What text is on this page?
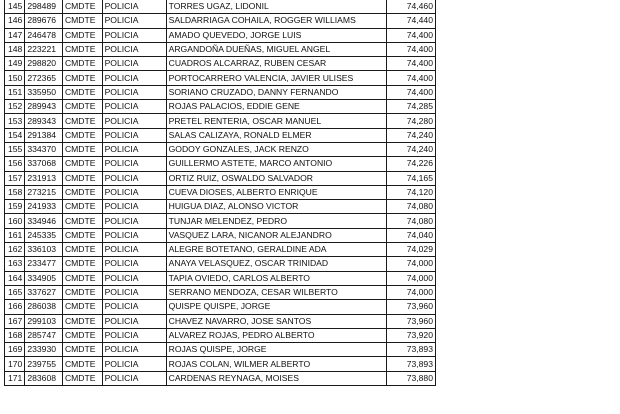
145	298489	CMDTE	POLICIA	TORRES UGAZ, LIDONIL	74,460
146	289676	CMDTE	POLICIA	SALDARRIAGA COHAILA, ROGGER WILLIAMS	74,440
147	246478	CMDTE	POLICIA	AMADO QUEVEDO, JORGE LUIS	74,400
148	223221	CMDTE	POLICIA	ARGANDOÑA DUEÑAS, MIGUEL ANGEL	74,400
149	298820	CMDTE	POLICIA	CUADROS ALCARRAZ, RUBEN CESAR	74,400
150	272365	CMDTE	POLICIA	PORTOCARRERO VALENCIA, JAVIER ULISES	74,400
151	335950	CMDTE	POLICIA	SORIANO CRUZADO, DANNY FERNANDO	74,400
152	289943	CMDTE	POLICIA	ROJAS PALACIOS, EDDIE GENE	74,285
153	289343	CMDTE	POLICIA	PRETEL RENTERIA, OSCAR MANUEL	74,280
154	291384	CMDTE	POLICIA	SALAS CALIZAYA, RONALD ELMER	74,240
155	334370	CMDTE	POLICIA	GODOY GONZALES, JACK RENZO	74,240
156	337068	CMDTE	POLICIA	GUILLERMO ASTETE, MARCO ANTONIO	74,226
157	231913	CMDTE	POLICIA	ORTIZ RUIZ, OSWALDO SALVADOR	74,165
158	273215	CMDTE	POLICIA	CUEVA DIOSES, ALBERTO ENRIQUE	74,120
159	241933	CMDTE	POLICIA	HUIGUA DIAZ, ALONSO VICTOR	74,080
160	334946	CMDTE	POLICIA	TUNJAR MELENDEZ, PEDRO	74,080
161	245335	CMDTE	POLICIA	VASQUEZ LARA, NICANOR ALEJANDRO	74,040
162	336103	CMDTE	POLICIA	ALEGRE BOTETANO, GERALDINE ADA	74,029
163	233477	CMDTE	POLICIA	ANAYA VELASQUEZ, OSCAR TRINIDAD	74,000
164	334905	CMDTE	POLICIA	TAPIA OVIEDO, CARLOS ALBERTO	74,000
165	337627	CMDTE	POLICIA	SERRANO MENDOZA, CESAR WILBERTO	74,000
166	286038	CMDTE	POLICIA	QUISPE QUISPE, JORGE	73,960
167	299103	CMDTE	POLICIA	CHAVEZ NAVARRO, JOSE SANTOS	73,960
168	285747	CMDTE	POLICIA	ALVAREZ ROJAS, PEDRO ALBERTO	73,920
169	233930	CMDTE	POLICIA	ROJAS QUISPE, JORGE	73,893
170	239755	CMDTE	POLICIA	ROJAS COLAN, WILMER ALBERTO	73,893
171	283608	CMDTE	POLICIA	CARDENAS REYNAGA, MOISES	73,880
